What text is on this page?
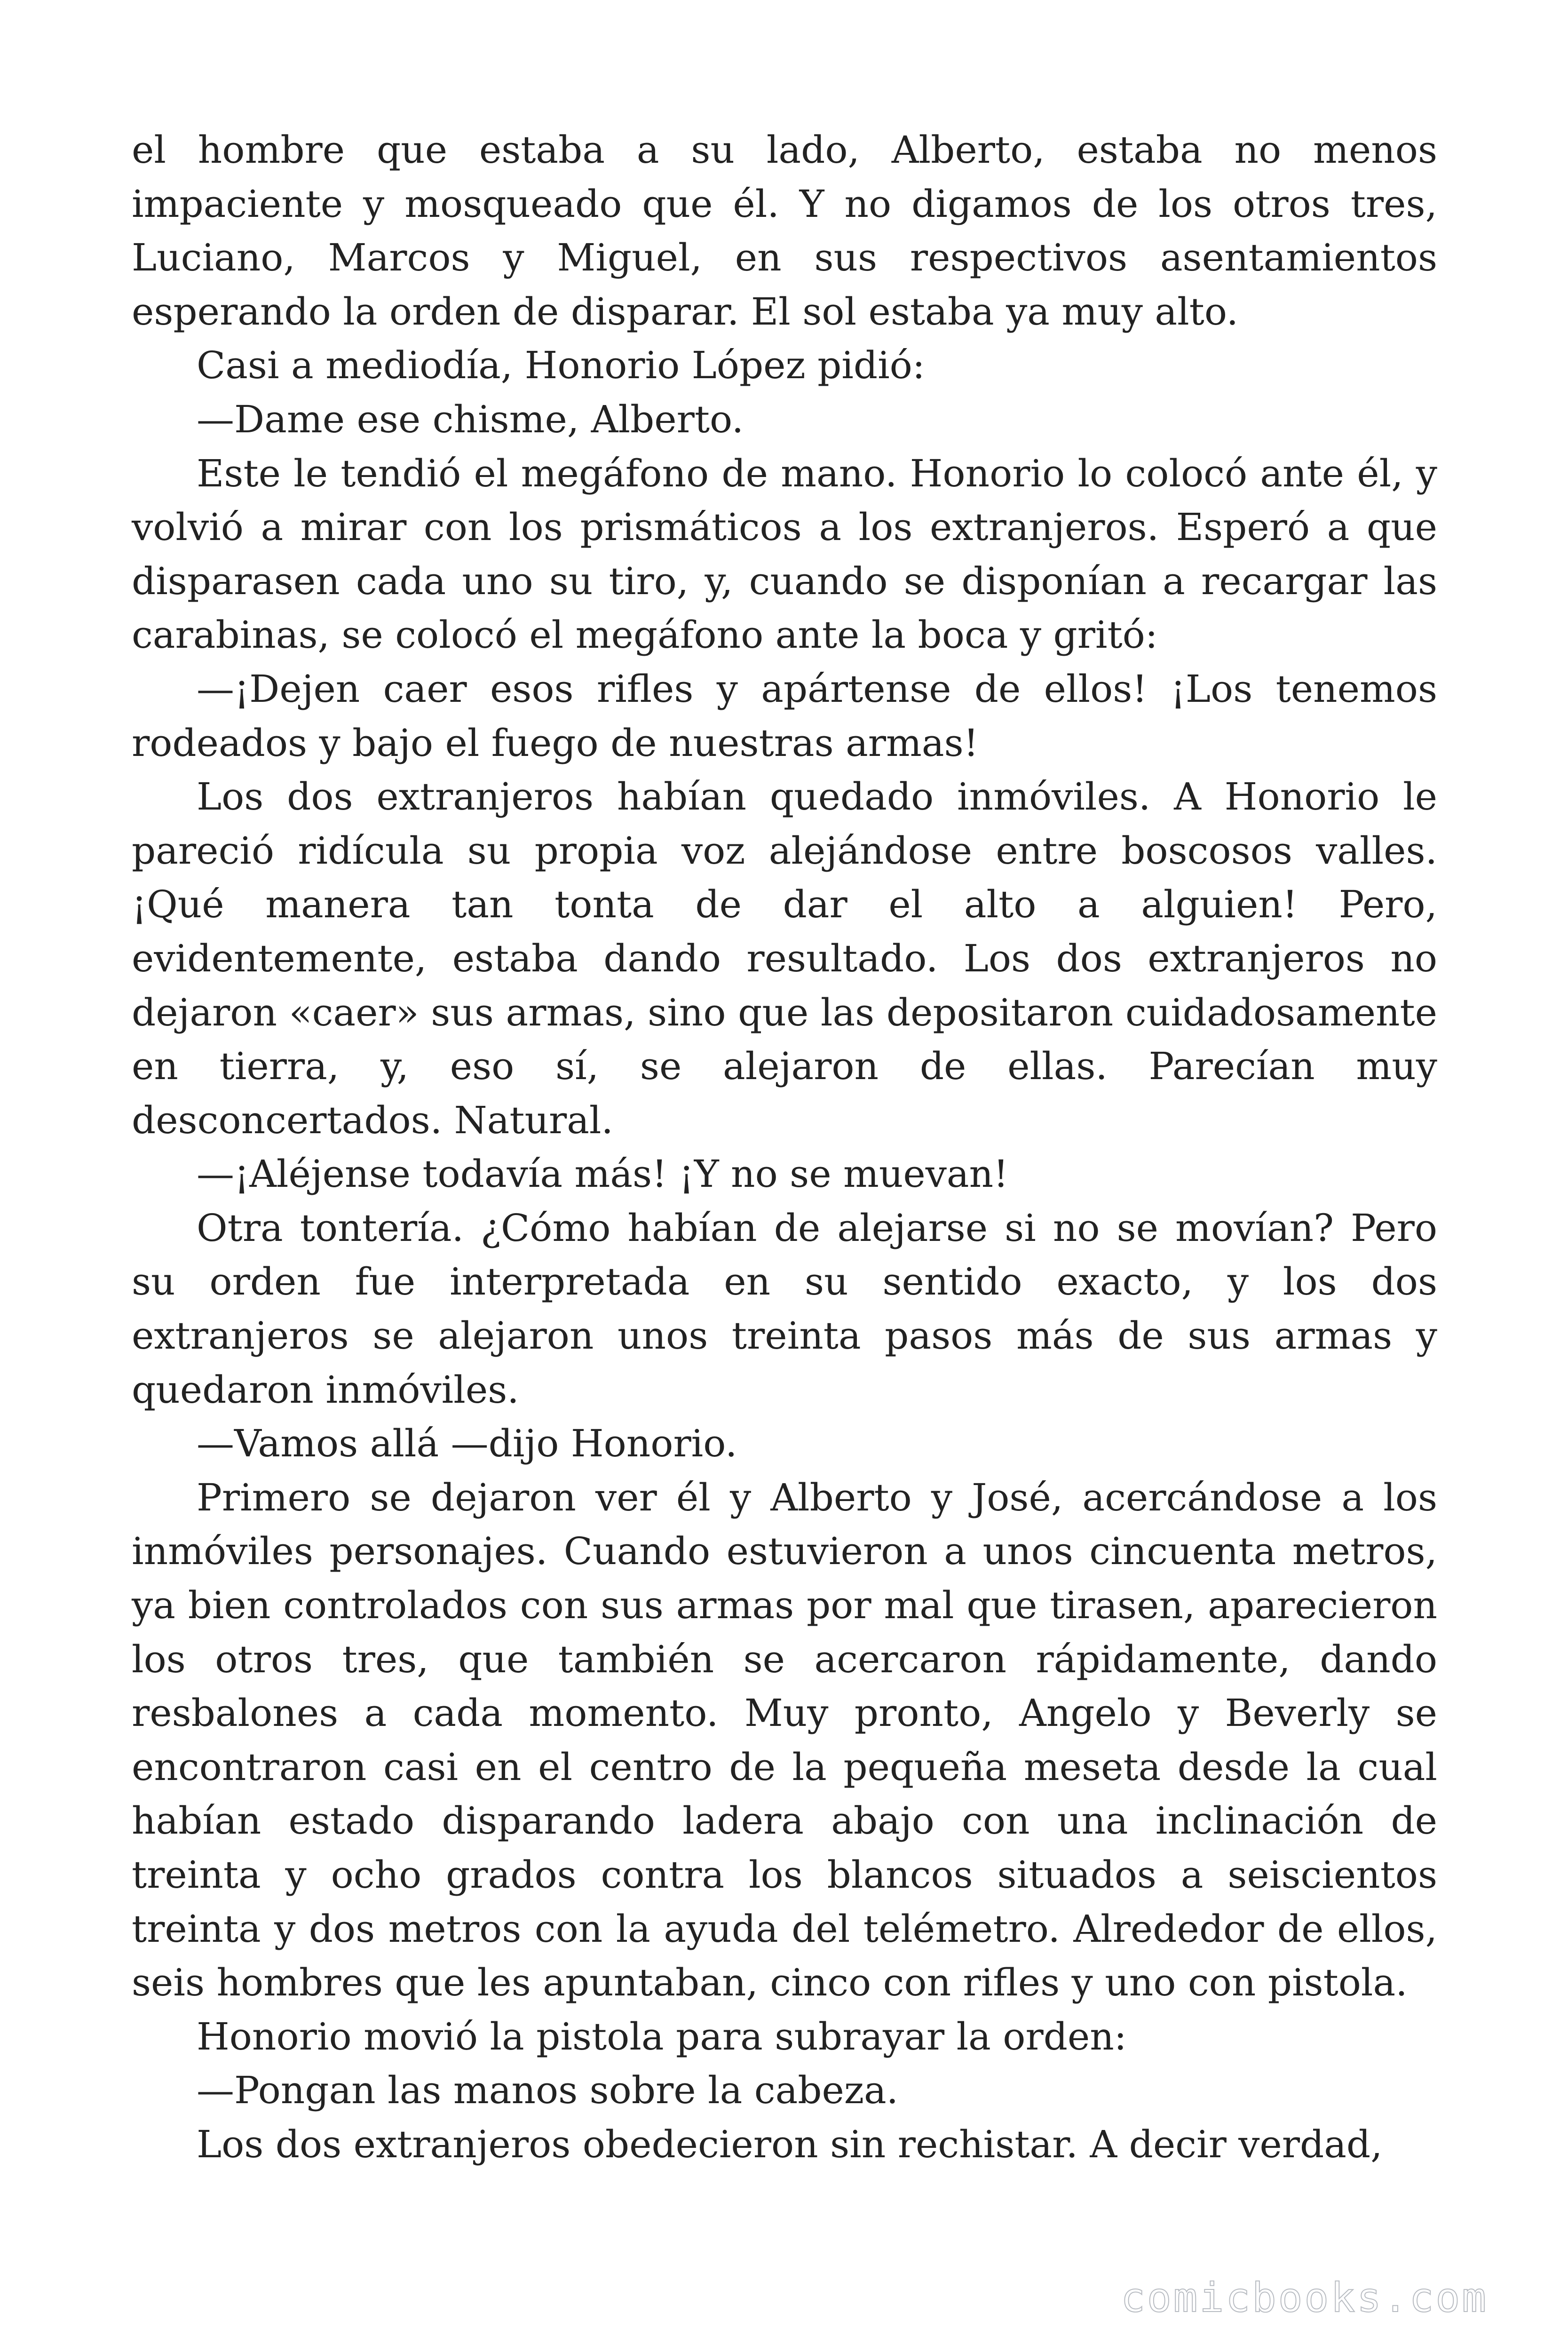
el hombre que estaba a su lado, Alberto, estaba no menos impaciente y mosqueado que él. Y no digamos de los otros tres, Luciano, Marcos y Miguel, en sus respectivos asentamientos esperando la orden de disparar. El sol estaba ya muy alto.

Casi a mediodía, Honorio López pidió:

—Dame ese chisme, Alberto.

Este le tendió el megáfono de mano. Honorio lo colocó ante él, y volvió a mirar con los prismáticos a los extranjeros. Esperó a que disparasen cada uno su tiro, y, cuando se disponían a recargar las carabinas, se colocó el megáfono ante la boca y gritó:

—¡Dejen caer esos rifles y apártense de ellos! ¡Los tenemos rodeados y bajo el fuego de nuestras armas!

Los dos extranjeros habían quedado inmóviles. A Honorio le pareció ridícula su propia voz alejándose entre boscosos valles. ¡Qué manera tan tonta de dar el alto a alguien! Pero, evidentemente, estaba dando resultado. Los dos extranjeros no dejaron «caer» sus armas, sino que las depositaron cuidadosamente en tierra, y, eso sí, se alejaron de ellas. Parecían muy desconcertados. Natural.

—¡Aléjense todavía más! ¡Y no se muevan!

Otra tontería. ¿Cómo habían de alejarse si no se movían? Pero su orden fue interpretada en su sentido exacto, y los dos extranjeros se alejaron unos treinta pasos más de sus armas y quedaron inmóviles.

—Vamos allá —dijo Honorio.

Primero se dejaron ver él y Alberto y José, acercándose a los inmóviles personajes. Cuando estuvieron a unos cincuenta metros, ya bien controlados con sus armas por mal que tirasen, aparecieron los otros tres, que también se acercaron rápidamente, dando resbalones a cada momento. Muy pronto, Angelo y Beverly se encontraron casi en el centro de la pequeña meseta desde la cual habían estado disparando ladera abajo con una inclinación de treinta y ocho grados contra los blancos situados a seiscientos treinta y dos metros con la ayuda del telémetro. Alrededor de ellos, seis hombres que les apuntaban, cinco con rifles y uno con pistola.

Honorio movió la pistola para subrayar la orden:

—Pongan las manos sobre la cabeza.

Los dos extranjeros obedecieron sin rechistar. A decir verdad,

comicbooks.com
